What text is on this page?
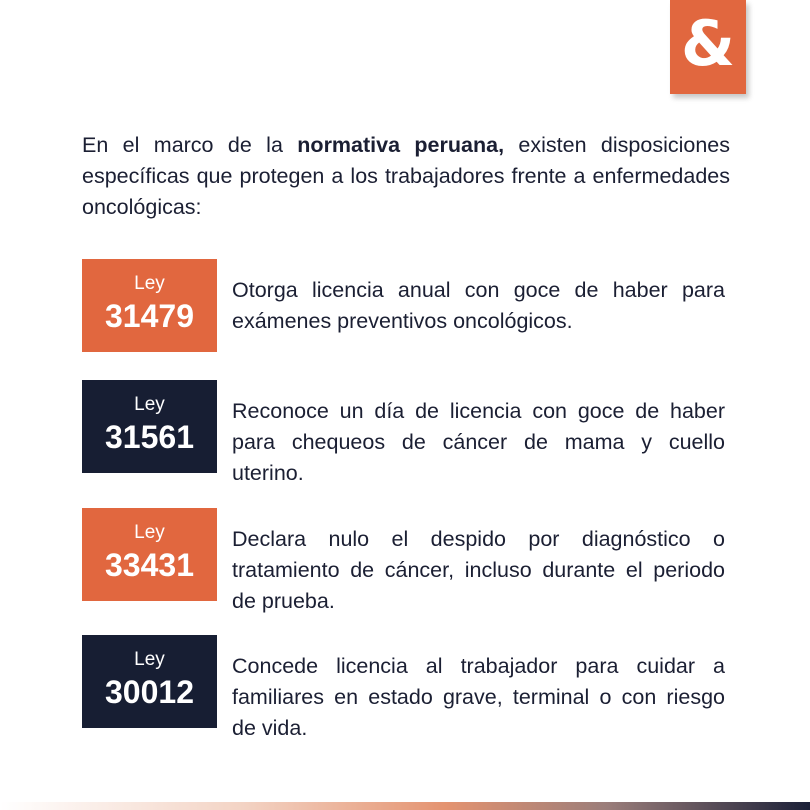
&

En el marco de la normativa peruana, existen disposiciones específicas que protegen a los trabajadores frente a enfermedades oncológicas:

Ley
31479

Otorga licencia anual con goce de haber para exámenes preventivos oncológicos.

Ley
31561

Reconoce un día de licencia con goce de haber para chequeos de cáncer de mama y cuello uterino.

Ley
33431

Declara nulo el despido por diagnóstico o tratamiento de cáncer, incluso durante el periodo de prueba.

Ley
30012

Concede licencia al trabajador para cuidar a familiares en estado grave, terminal o con riesgo de vida.
